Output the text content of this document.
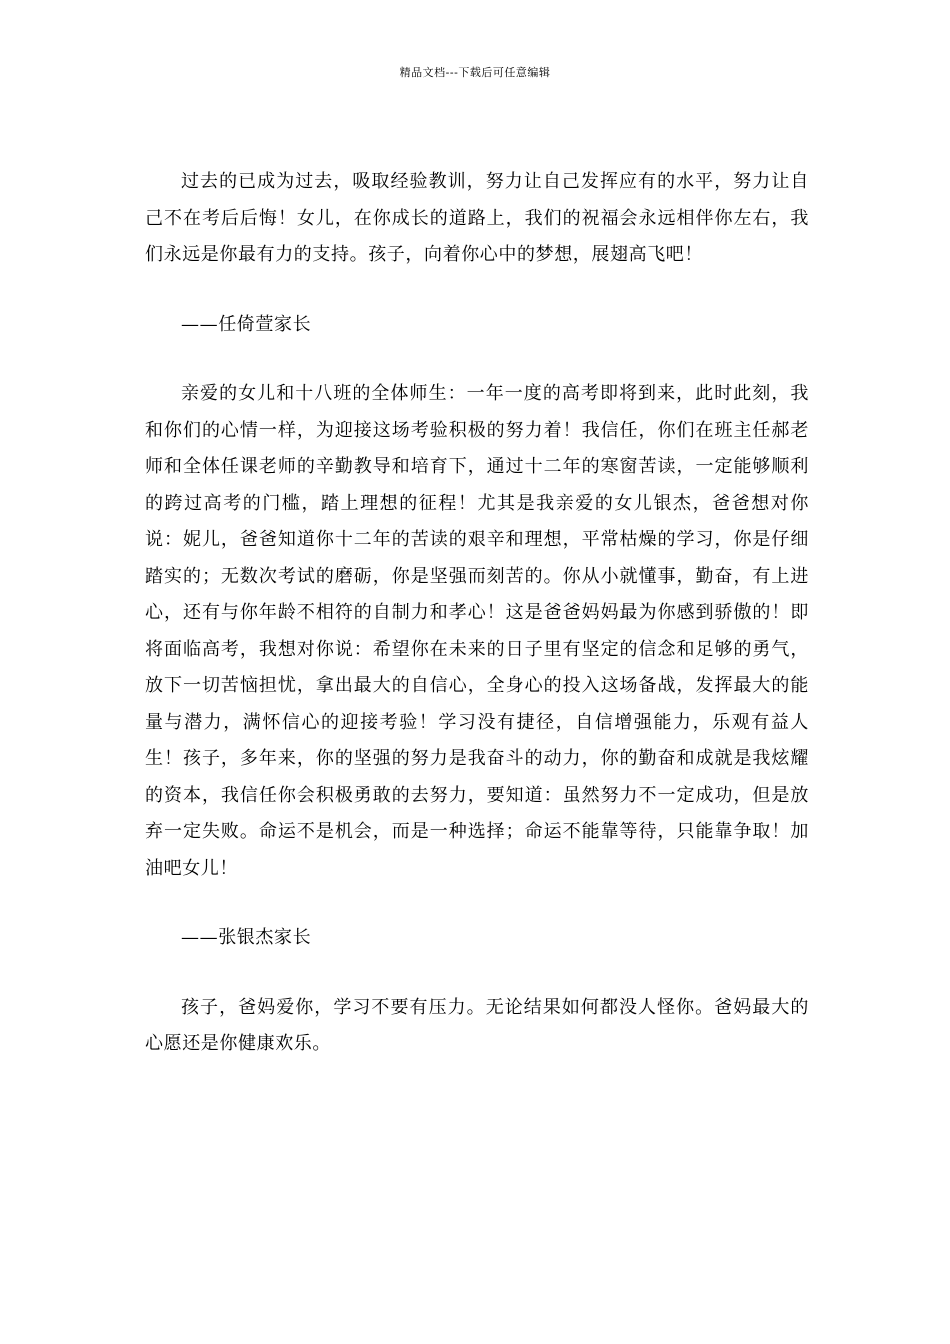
精品文档---下载后可任意编辑

过去的已成为过去，吸取经验教训，努力让自己发挥应有的水平，努力让自己不在考后后悔！女儿，在你成长的道路上，我们的祝福会永远相伴你左右，我们永远是你最有力的支持。孩子，向着你心中的梦想，展翅高飞吧！

——任倚萱家长

亲爱的女儿和十八班的全体师生：一年一度的高考即将到来，此时此刻，我和你们的心情一样，为迎接这场考验积极的努力着！我信任，你们在班主任郝老师和全体任课老师的辛勤教导和培育下，通过十二年的寒窗苦读，一定能够顺利的跨过高考的门槛，踏上理想的征程！尤其是我亲爱的女儿银杰，爸爸想对你说：妮儿，爸爸知道你十二年的苦读的艰辛和理想，平常枯燥的学习，你是仔细踏实的；无数次考试的磨砺，你是坚强而刻苦的。你从小就懂事，勤奋，有上进心，还有与你年龄不相符的自制力和孝心！这是爸爸妈妈最为你感到骄傲的！即将面临高考，我想对你说：希望你在未来的日子里有坚定的信念和足够的勇气，放下一切苦恼担忧，拿出最大的自信心，全身心的投入这场备战，发挥最大的能量与潜力，满怀信心的迎接考验！学习没有捷径，自信增强能力，乐观有益人生！孩子，多年来，你的坚强的努力是我奋斗的动力，你的勤奋和成就是我炫耀的资本，我信任你会积极勇敢的去努力，要知道：虽然努力不一定成功，但是放弃一定失败。命运不是机会，而是一种选择；命运不能靠等待，只能靠争取！加油吧女儿！

——张银杰家长

孩子，爸妈爱你，学习不要有压力。无论结果如何都没人怪你。爸妈最大的心愿还是你健康欢乐。
